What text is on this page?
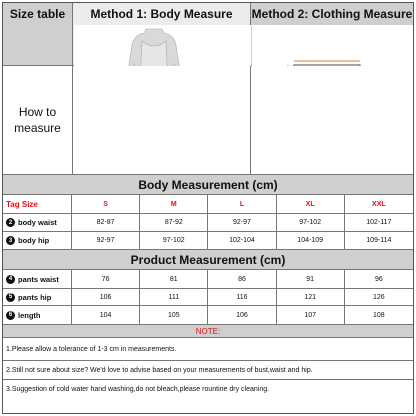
Size table	Method 1: Body Measure	Method 2: Clothing Measure
How to
measure
Body Measurement (cm)
Tag Size	S	M	L	XL	XXL
2 body waist	82-87	87-92	92-97	97-102	102-117
3 body hip	92-97	97-102	102-104	104-109	109-114
Product Measurement (cm)
4 pants waist	76	81	86	91	96
5 pants hip	106	111	116	121	126
6 length	104	105	106	107	108
NOTE:
1.Please allow a tolerance of 1-3 cm in measurements.
2.Still not sure about size? We'd love to advise based on your measurements of bust,waist and hip.
3.Suggestion of cold water hand washing,do not bleach,please rountine dry cleaning.
